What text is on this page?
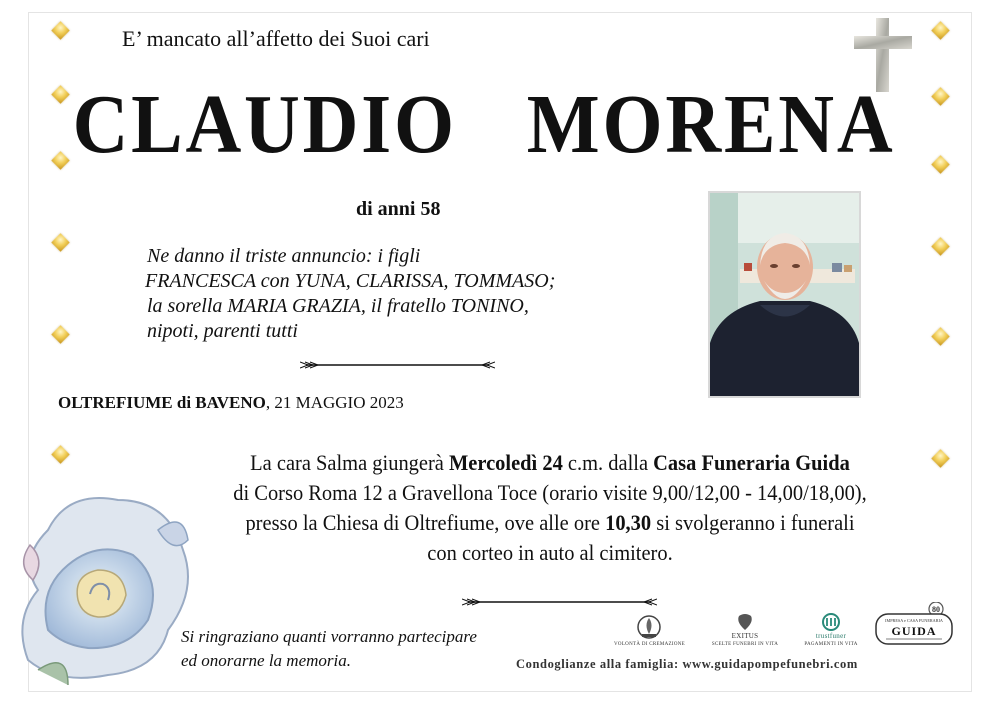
E’ mancato all’affetto dei Suoi cari
CLAUDIO  MORENA
di anni 58
Ne danno il triste annuncio: i figli
FRANCESCA con YUNA, CLARISSA, TOMMASO;
la sorella MARIA GRAZIA, il fratello TONINO,
nipoti, parenti tutti
OLTREFIUME di BAVENO, 21 MAGGIO 2023
La cara Salma giungerà Mercoledì 24 c.m. dalla Casa Funeraria Guida
di Corso Roma 12 a Gravellona Toce (orario visite 9,00/12,00 - 14,00/18,00),
presso la Chiesa di Oltrefiume, ove alle ore 10,30 si svolgeranno i funerali
con corteo in auto al cimitero.
Si ringraziano quanti vorranno partecipare
ed onorarne la memoria.
VOLONTÀ DI CREMAZIONE
EXITUS
SCELTE FUNEBRI IN VITA
trustfuner
PAGAMENTI IN VITA
80
IMPRESA e CASA FUNERARIA
GUIDA
Condoglianze alla famiglia: www.guidapompefunebri.com
